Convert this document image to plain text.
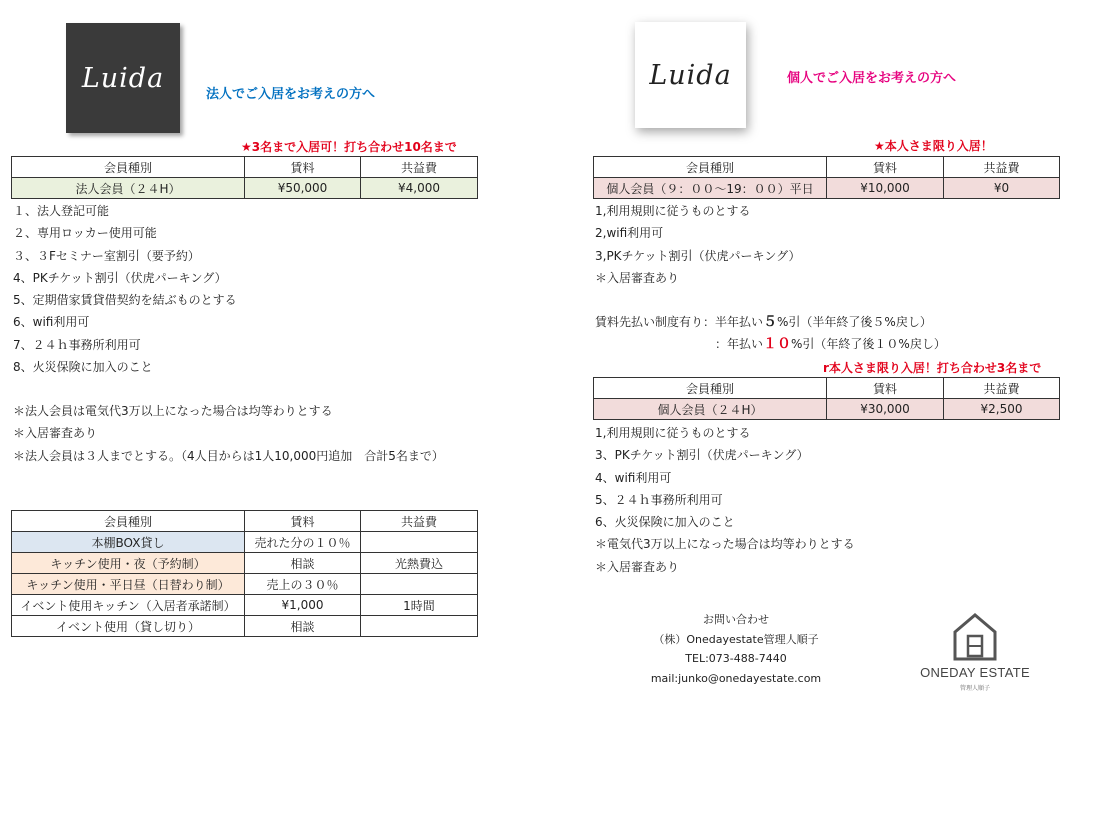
Luida
法人でご入居をお考えの方へ
★3名まで入居可！打ち合わせ10名まで
会員種別	賃料	共益費
法人会員（２４H）	¥50,000	¥4,000
１、法人登記可能
２、専用ロッカー使用可能
３、３Fセミナー室割引（要予約）
4、PKチケット割引（伏虎パーキング）
5、定期借家賃貸借契約を結ぶものとする
6、wifi利用可
7、２４ｈ事務所利用可
8、火災保険に加入のこと
＊法人会員は電気代3万以上になった場合は均等わりとする
＊入居審査あり
＊法人会員は３人までとする。（4人目からは1人10,000円追加　合計5名まで）
会員種別	賃料	共益費
本棚BOX貸し	売れた分の１０％	
キッチン使用・夜（予約制）	相談	光熱費込
キッチン使用・平日昼（日替わり制）	売上の３０％	
イベント使用キッチン（入居者承諾制）	¥1,000	1時間
イベント使用（貸し切り）	相談	
Luida	個人でご入居をお考えの方へ
★本人さま限り入居！
会員種別	賃料	共益費
個人会員（９：００〜19：００）平日	¥10,000	¥0
1,利用規則に従うものとする
2,wifi利用可
3,PKチケット割引（伏虎パーキング）
＊入居審査あり
賃料先払い制度有り：半年払い５%引（半年終了後５%戻し）
：年払い１０%引（年終了後１０%戻し）
r本人さま限り入居！打ち合わせ3名まで
会員種別	賃料	共益費
個人会員（２４H）	¥30,000	¥2,500
1,利用規則に従うものとする
3、PKチケット割引（伏虎パーキング）
4、wifi利用可
5、２４ｈ事務所利用可
6、火災保険に加入のこと
＊電気代3万以上になった場合は均等わりとする
＊入居審査あり
お問い合わせ
（株）Onedayestate管理人順子
TEL:073-488-7440
mail:junko@onedayestate.com	ONEDAY ESTATE
管理人順子
